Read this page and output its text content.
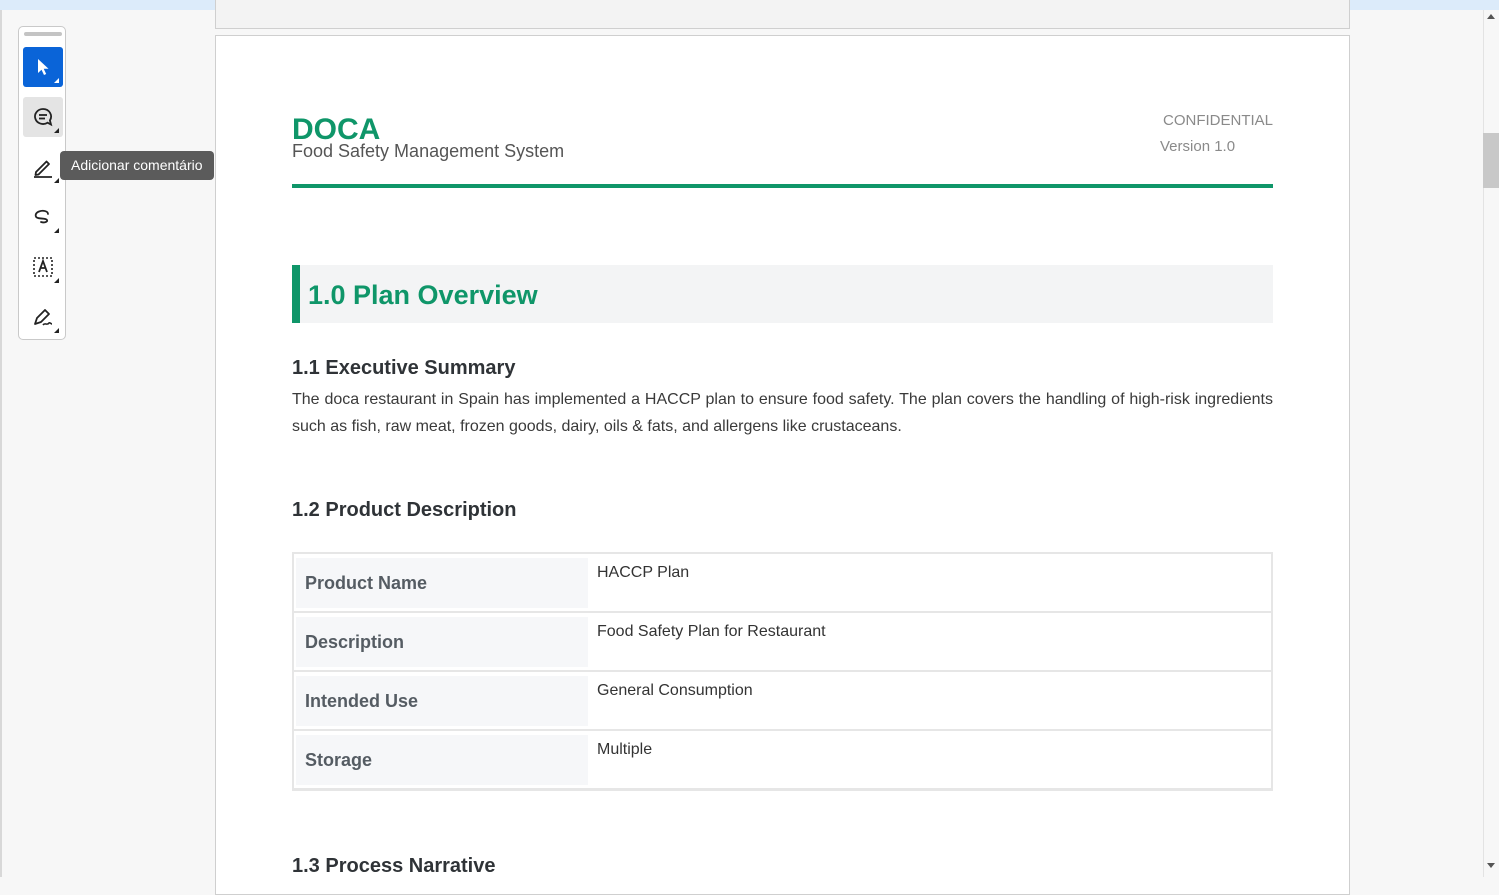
Adicionar comentário
DOCA
Food Safety Management System
CONFIDENTIAL
Version 1.0
1.0 Plan Overview
1.1 Executive Summary
The doca restaurant in Spain has implemented a HACCP plan to ensure food safety. The plan covers the handling of high-risk ingredients such as fish, raw meat, frozen goods, dairy, oils & fats, and allergens like crustaceans.
1.2 Product Description
Product Name
HACCP Plan
Description
Food Safety Plan for Restaurant
Intended Use
General Consumption
Storage
Multiple
1.3 Process Narrative
